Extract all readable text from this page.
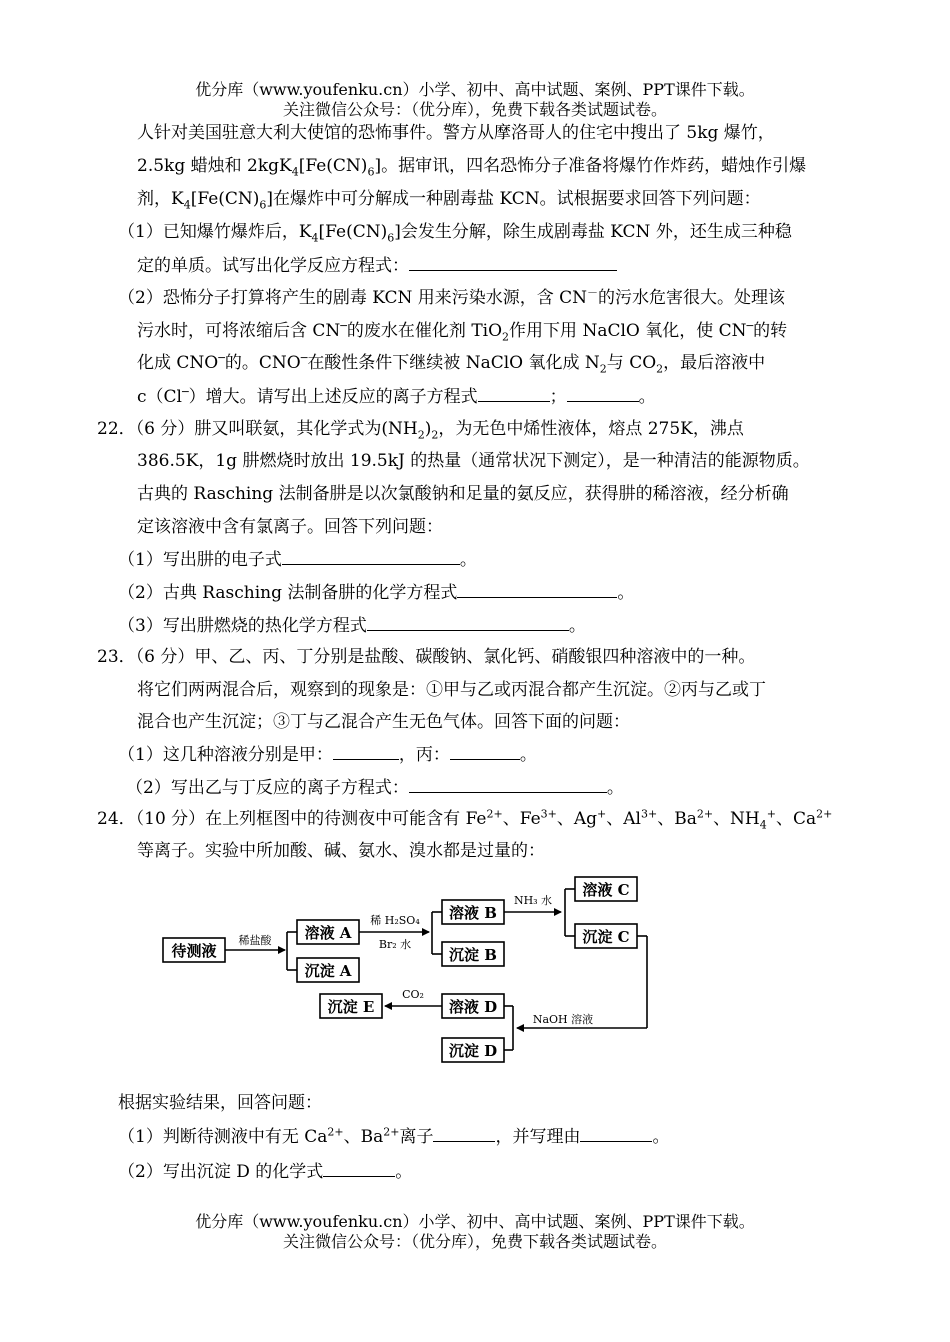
优分库（www.youfenku.cn）小学、初中、高中试题、案例、PPT课件下载。
关注微信公众号：（优分库），免费下载各类试题试卷。
人针对美国驻意大利大使馆的恐怖事件。警方从摩洛哥人的住宅中搜出了 5kg 爆竹，
2.5kg 蜡烛和 $2kgK_4[Fe(CN)_6]$。据审讯，四名恐怖分子准备将爆竹作炸药，蜡烛作引爆
剂，$K_4[Fe(CN)_6]$在爆炸中可分解成一种剧毒盐 KCN。试根据要求回答下列问题：
（1）已知爆竹爆炸后，$K_4[Fe(CN)_6]$会发生分解，除生成剧毒盐 KCN 外，还生成三种稳
定的单质。试写出化学反应方程式：
（2）恐怖分子打算将产生的剧毒 KCN 用来污染水源，含 CN－的污水危害很大。处理该
污水时，可将浓缩后含 CN─的废水在催化剂 TiO$_2$作用下用 NaClO 氧化，使 CN─的转
化成 CNO─的。CNO─在酸性条件下继续被 NaClO 氧化成 $N_2$与 $CO_2$，最后溶液中
c（Cl─）增大。请写出上述反应的离子方程式	；	。
22．（6 分）肼又叫联氨，其化学式为$(NH_2)_2$，为无色中烯性液体，熔点 275K，沸点
386.5K，1g 肼燃烧时放出 19.5kJ 的热量（通常状况下测定），是一种清洁的能源物质。
古典的 Rasching 法制备肼是以次氯酸钠和足量的氨反应，获得肼的稀溶液，经分析确
定该溶液中含有氯离子。回答下列问题：
（1）写出肼的电子式	。
（2）古典 Rasching 法制备肼的化学方程式	。
（3）写出肼燃烧的热化学方程式	。
23．（6 分）甲、乙、丙、丁分别是盐酸、碳酸钠、氯化钙、硝酸银四种溶液中的一种。
将它们两两混合后，观察到的现象是：①甲与乙或丙混合都产生沉淀。②丙与乙或丁
混合也产生沉淀；③丁与乙混合产生无色气体。回答下面的问题：
（1）这几种溶液分别是甲：	，丙：	。
（2）写出乙与丁反应的离子方程式：	。
24．（10 分）在上列框图中的待测夜中可能含有 $Fe^{2+}$、$Fe^{3+}$、Ag+、$Al^{3+}$、$Ba^{2+}$、$NH_4^+$、$Ca^{2+}$
等离子。实验中所加酸、碱、氨水、溴水都是过量的：
待测液
溶液 A
沉淀 A
溶液 B
沉淀 B
溶液 C
沉淀 C
溶液 D
沉淀 D
沉淀 E
稀盐酸
稀 H₂SO₄
Br₂ 水
NH₃ 水
NaOH 溶液
CO₂
根据实验结果，回答问题：
（1）判断待测液中有无 $Ca^{2+}$、$Ba^{2+}$离子	，并写理由	。
（2）写出沉淀 D 的化学式	。
优分库（www.youfenku.cn）小学、初中、高中试题、案例、PPT课件下载。
关注微信公众号：（优分库），免费下载各类试题试卷。
